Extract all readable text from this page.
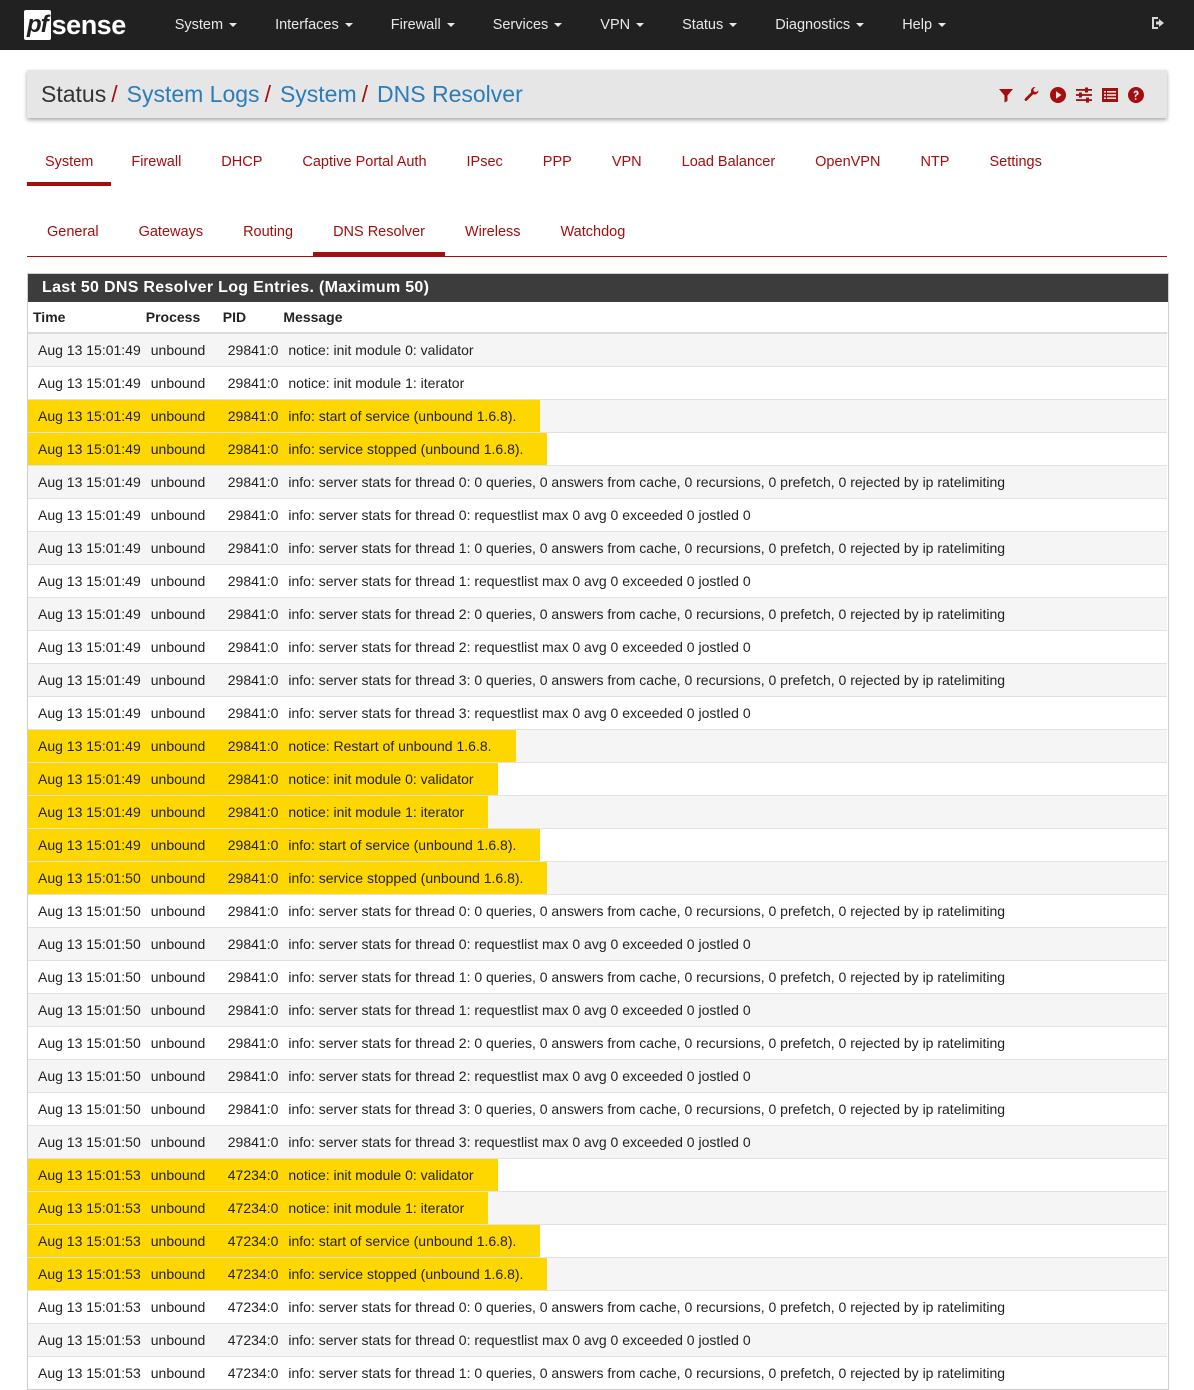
pf sense	System	Interfaces	Firewall	Services	VPN	Status	Diagnostics	Help
Status / System Logs / System / DNS Resolver
System	Firewall	DHCP	Captive Portal Auth	IPsec	PPP	VPN	Load Balancer	OpenVPN	NTP	Settings
General	Gateways	Routing	DNS Resolver	Wireless	Watchdog
Last 50 DNS Resolver Log Entries. (Maximum 50)
Time	Process	PID	Message
Aug 13 15:01:49	unbound	29841:0	notice: init module 0: validator
Aug 13 15:01:49	unbound	29841:0	notice: init module 1: iterator
Aug 13 15:01:49	unbound	29841:0	info: start of service (unbound 1.6.8).
Aug 13 15:01:49	unbound	29841:0	info: service stopped (unbound 1.6.8).
Aug 13 15:01:49	unbound	29841:0	info: server stats for thread 0: 0 queries, 0 answers from cache, 0 recursions, 0 prefetch, 0 rejected by ip ratelimiting
Aug 13 15:01:49	unbound	29841:0	info: server stats for thread 0: requestlist max 0 avg 0 exceeded 0 jostled 0
Aug 13 15:01:49	unbound	29841:0	info: server stats for thread 1: 0 queries, 0 answers from cache, 0 recursions, 0 prefetch, 0 rejected by ip ratelimiting
Aug 13 15:01:49	unbound	29841:0	info: server stats for thread 1: requestlist max 0 avg 0 exceeded 0 jostled 0
Aug 13 15:01:49	unbound	29841:0	info: server stats for thread 2: 0 queries, 0 answers from cache, 0 recursions, 0 prefetch, 0 rejected by ip ratelimiting
Aug 13 15:01:49	unbound	29841:0	info: server stats for thread 2: requestlist max 0 avg 0 exceeded 0 jostled 0
Aug 13 15:01:49	unbound	29841:0	info: server stats for thread 3: 0 queries, 0 answers from cache, 0 recursions, 0 prefetch, 0 rejected by ip ratelimiting
Aug 13 15:01:49	unbound	29841:0	info: server stats for thread 3: requestlist max 0 avg 0 exceeded 0 jostled 0
Aug 13 15:01:49	unbound	29841:0	notice: Restart of unbound 1.6.8.
Aug 13 15:01:49	unbound	29841:0	notice: init module 0: validator
Aug 13 15:01:49	unbound	29841:0	notice: init module 1: iterator
Aug 13 15:01:49	unbound	29841:0	info: start of service (unbound 1.6.8).
Aug 13 15:01:50	unbound	29841:0	info: service stopped (unbound 1.6.8).
Aug 13 15:01:50	unbound	29841:0	info: server stats for thread 0: 0 queries, 0 answers from cache, 0 recursions, 0 prefetch, 0 rejected by ip ratelimiting
Aug 13 15:01:50	unbound	29841:0	info: server stats for thread 0: requestlist max 0 avg 0 exceeded 0 jostled 0
Aug 13 15:01:50	unbound	29841:0	info: server stats for thread 1: 0 queries, 0 answers from cache, 0 recursions, 0 prefetch, 0 rejected by ip ratelimiting
Aug 13 15:01:50	unbound	29841:0	info: server stats for thread 1: requestlist max 0 avg 0 exceeded 0 jostled 0
Aug 13 15:01:50	unbound	29841:0	info: server stats for thread 2: 0 queries, 0 answers from cache, 0 recursions, 0 prefetch, 0 rejected by ip ratelimiting
Aug 13 15:01:50	unbound	29841:0	info: server stats for thread 2: requestlist max 0 avg 0 exceeded 0 jostled 0
Aug 13 15:01:50	unbound	29841:0	info: server stats for thread 3: 0 queries, 0 answers from cache, 0 recursions, 0 prefetch, 0 rejected by ip ratelimiting
Aug 13 15:01:50	unbound	29841:0	info: server stats for thread 3: requestlist max 0 avg 0 exceeded 0 jostled 0
Aug 13 15:01:53	unbound	47234:0	notice: init module 0: validator
Aug 13 15:01:53	unbound	47234:0	notice: init module 1: iterator
Aug 13 15:01:53	unbound	47234:0	info: start of service (unbound 1.6.8).
Aug 13 15:01:53	unbound	47234:0	info: service stopped (unbound 1.6.8).
Aug 13 15:01:53	unbound	47234:0	info: server stats for thread 0: 0 queries, 0 answers from cache, 0 recursions, 0 prefetch, 0 rejected by ip ratelimiting
Aug 13 15:01:53	unbound	47234:0	info: server stats for thread 0: requestlist max 0 avg 0 exceeded 0 jostled 0
Aug 13 15:01:53	unbound	47234:0	info: server stats for thread 1: 0 queries, 0 answers from cache, 0 recursions, 0 prefetch, 0 rejected by ip ratelimiting
